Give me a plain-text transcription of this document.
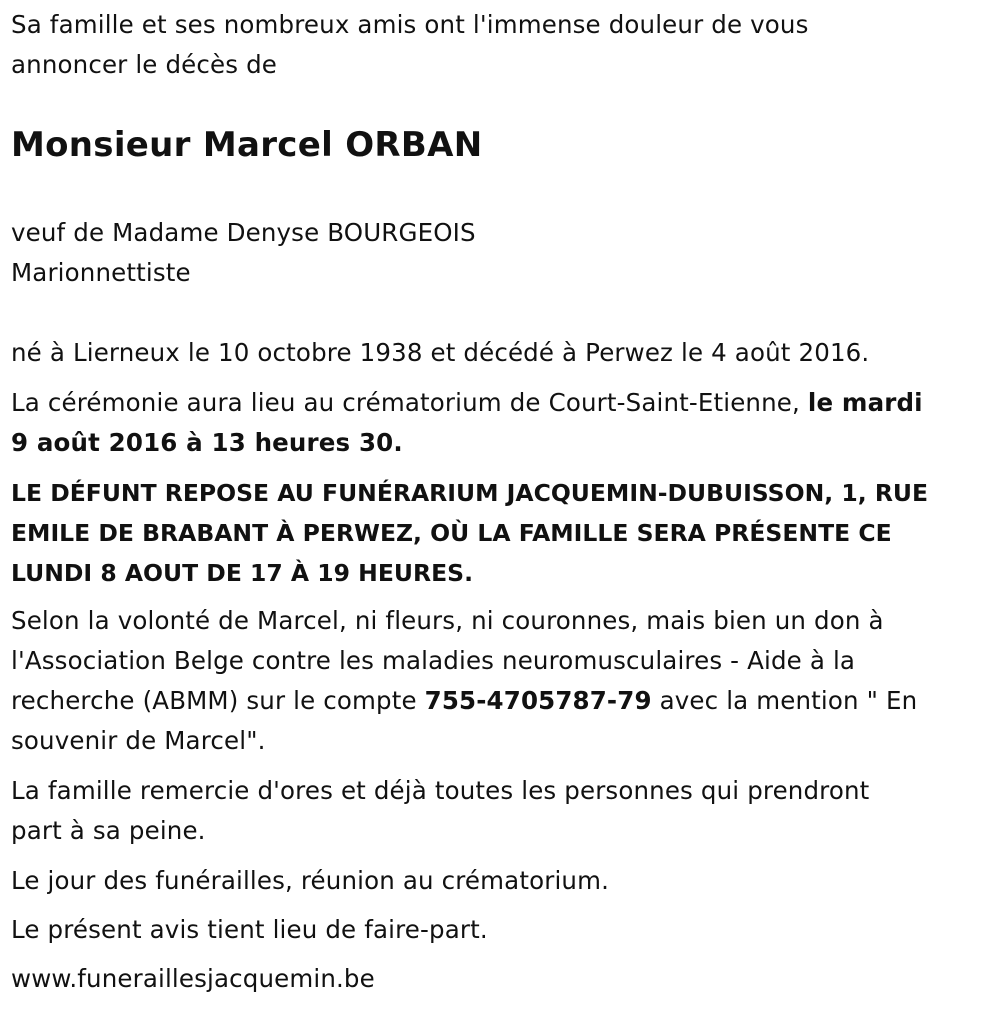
Sa famille et ses nombreux amis ont l'immense douleur de vous
annoncer le décès de
Monsieur Marcel ORBAN
veuf de Madame Denyse BOURGEOIS
Marionnettiste
né à Lierneux le 10 octobre 1938 et décédé à Perwez le 4 août 2016.
La cérémonie aura lieu au crématorium de Court-Saint-Etienne, le mardi
9 août 2016 à 13 heures 30.
LE DÉFUNT REPOSE AU FUNÉRARIUM JACQUEMIN-DUBUISSON, 1, RUE
EMILE DE BRABANT À PERWEZ, OÙ LA FAMILLE SERA PRÉSENTE CE
LUNDI 8 AOUT DE 17 À 19 HEURES.
Selon la volonté de Marcel, ni fleurs, ni couronnes, mais bien un don à
l'Association Belge contre les maladies neuromusculaires - Aide à la
recherche (ABMM) sur le compte 755-4705787-79 avec la mention " En
souvenir de Marcel".
La famille remercie d'ores et déjà toutes les personnes qui prendront
part à sa peine.
Le jour des funérailles, réunion au crématorium.
Le présent avis tient lieu de faire-part.
www.funeraillesjacquemin.be
